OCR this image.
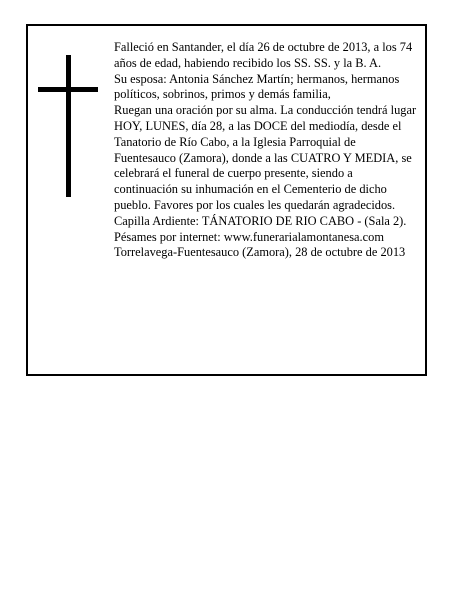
Falleció en Santander, el día 26 de octubre de 2013, a los 74 años de edad, habiendo recibido los SS. SS. y la B. A.

Su esposa: Antonia Sánchez Martín; hermanos, hermanos políticos, sobrinos, primos y demás familia,

Ruegan una oración por su alma. La conducción tendrá lugar HOY, LUNES, día 28, a las DOCE del mediodía, desde el Tanatorio de Río Cabo, a la Iglesia Parroquial de Fuentesauco (Zamora), donde a las CUATRO Y MEDIA, se celebrará el funeral de cuerpo presente, siendo a continuación su inhumación en el Cementerio de dicho pueblo. Favores por los cuales les quedarán agradecidos. Capilla Ardiente: TÁNATORIO DE RIO CABO - (Sala 2).

Pésames por internet: www.funerarialamontanesa.com

Torrelavega-Fuentesauco (Zamora), 28 de octubre de 2013
